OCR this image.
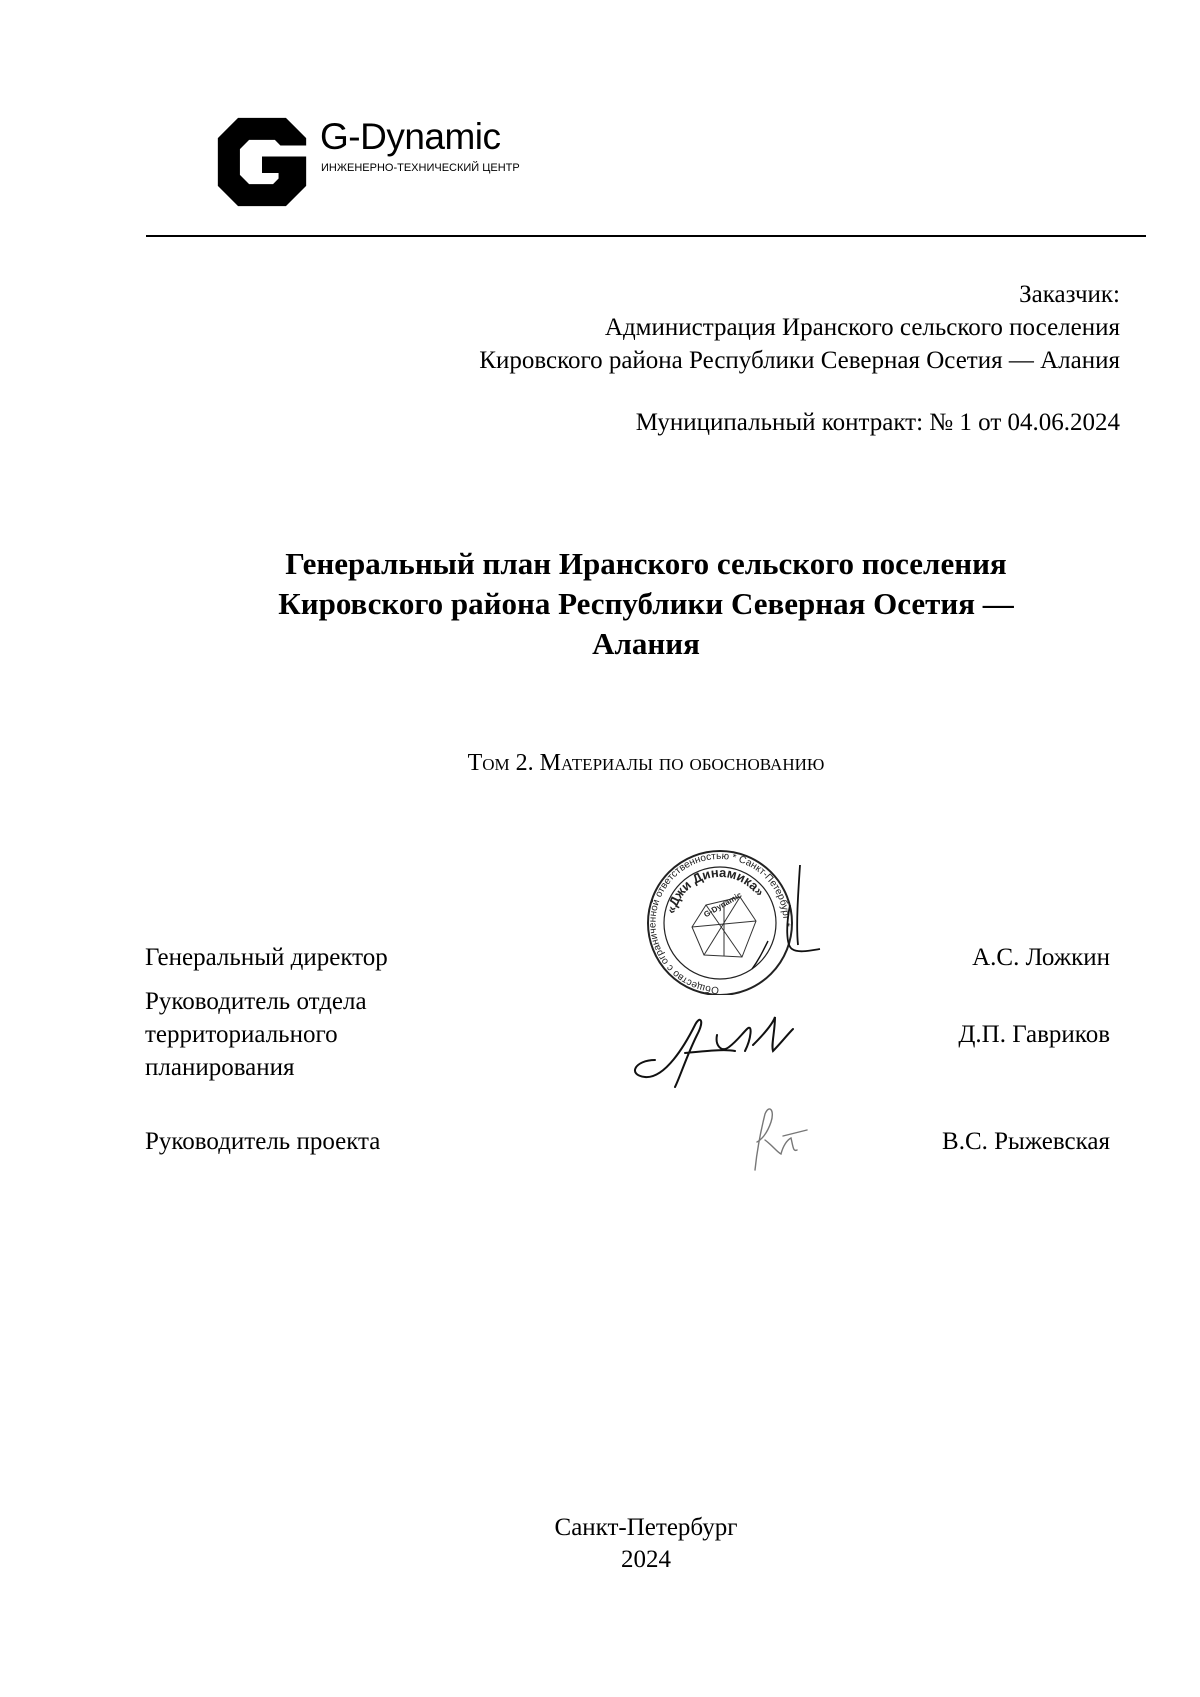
G-Dynamic
ИНЖЕНЕРНО-ТЕХНИЧЕСКИЙ ЦЕНТР
Заказчик:
Администрация Иранского сельского поселения
Кировского района Республики Северная Осетия — Алания
Муниципальный контракт: № 1 от 04.06.2024
Генеральный план Иранского сельского поселения
Кировского района Республики Северная Осетия —
Алания
Том 2. Материалы по обоснованию
Генеральный директор	А.С. Ложкин
Руководитель отдела
территориального
планирования
Д.П. Гавриков
Руководитель проекта	В.С. Рыжевская
Общество с ограниченной ответственностью * Санкт-Петербург *
«Джи Динамика»
G-Dynamic
Санкт-Петербург
2024
